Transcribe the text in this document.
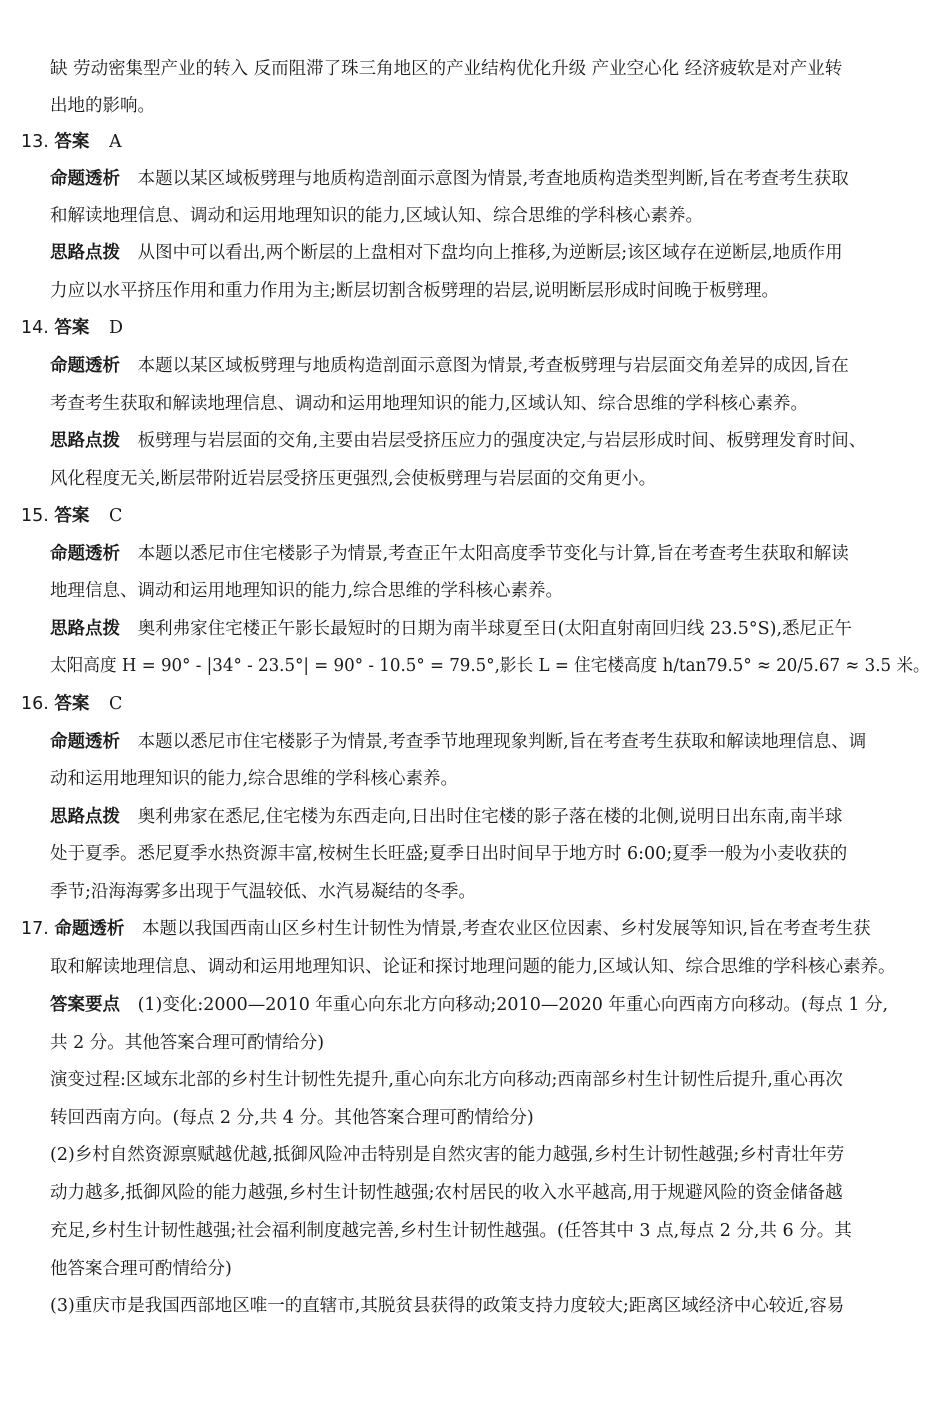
缺 劳动密集型产业的转入 反而阻滞了珠三角地区的产业结构优化升级 产业空心化 经济疲软是对产业转
出地的影响。
13. 答案 A
命题透析 本题以某区域板劈理与地质构造剖面示意图为情景,考查地质构造类型判断,旨在考查考生获取
和解读地理信息、调动和运用地理知识的能力,区域认知、综合思维的学科核心素养。
思路点拨 从图中可以看出,两个断层的上盘相对下盘均向上推移,为逆断层;该区域存在逆断层,地质作用
力应以水平挤压作用和重力作用为主;断层切割含板劈理的岩层,说明断层形成时间晚于板劈理。
14. 答案 D
命题透析 本题以某区域板劈理与地质构造剖面示意图为情景,考查板劈理与岩层面交角差异的成因,旨在
考查考生获取和解读地理信息、调动和运用地理知识的能力,区域认知、综合思维的学科核心素养。
思路点拨 板劈理与岩层面的交角,主要由岩层受挤压应力的强度决定,与岩层形成时间、板劈理发育时间、
风化程度无关,断层带附近岩层受挤压更强烈,会使板劈理与岩层面的交角更小。
15. 答案 C
命题透析 本题以悉尼市住宅楼影子为情景,考查正午太阳高度季节变化与计算,旨在考查考生获取和解读
地理信息、调动和运用地理知识的能力,综合思维的学科核心素养。
思路点拨 奥利弗家住宅楼正午影长最短时的日期为南半球夏至日(太阳直射南回归线 23.5°S),悉尼正午
太阳高度 H = 90° - |34° - 23.5°| = 90° - 10.5° = 79.5°,影长 L = 住宅楼高度 h/tan79.5° ≈ 20/5.67 ≈ 3.5 米。
16. 答案 C
命题透析 本题以悉尼市住宅楼影子为情景,考查季节地理现象判断,旨在考查考生获取和解读地理信息、调
动和运用地理知识的能力,综合思维的学科核心素养。
思路点拨 奥利弗家在悉尼,住宅楼为东西走向,日出时住宅楼的影子落在楼的北侧,说明日出东南,南半球
处于夏季。悉尼夏季水热资源丰富,桉树生长旺盛;夏季日出时间早于地方时 6:00;夏季一般为小麦收获的
季节;沿海海雾多出现于气温较低、水汽易凝结的冬季。
17. 命题透析 本题以我国西南山区乡村生计韧性为情景,考查农业区位因素、乡村发展等知识,旨在考查考生获
取和解读地理信息、调动和运用地理知识、论证和探讨地理问题的能力,区域认知、综合思维的学科核心素养。
答案要点 (1)变化:2000—2010 年重心向东北方向移动;2010—2020 年重心向西南方向移动。(每点 1 分,
共 2 分。其他答案合理可酌情给分)
演变过程:区域东北部的乡村生计韧性先提升,重心向东北方向移动;西南部乡村生计韧性后提升,重心再次
转回西南方向。(每点 2 分,共 4 分。其他答案合理可酌情给分)
(2)乡村自然资源禀赋越优越,抵御风险冲击特别是自然灾害的能力越强,乡村生计韧性越强;乡村青壮年劳
动力越多,抵御风险的能力越强,乡村生计韧性越强;农村居民的收入水平越高,用于规避风险的资金储备越
充足,乡村生计韧性越强;社会福利制度越完善,乡村生计韧性越强。(任答其中 3 点,每点 2 分,共 6 分。其
他答案合理可酌情给分)
(3)重庆市是我国西部地区唯一的直辖市,其脱贫县获得的政策支持力度较大;距离区域经济中心较近,容易
